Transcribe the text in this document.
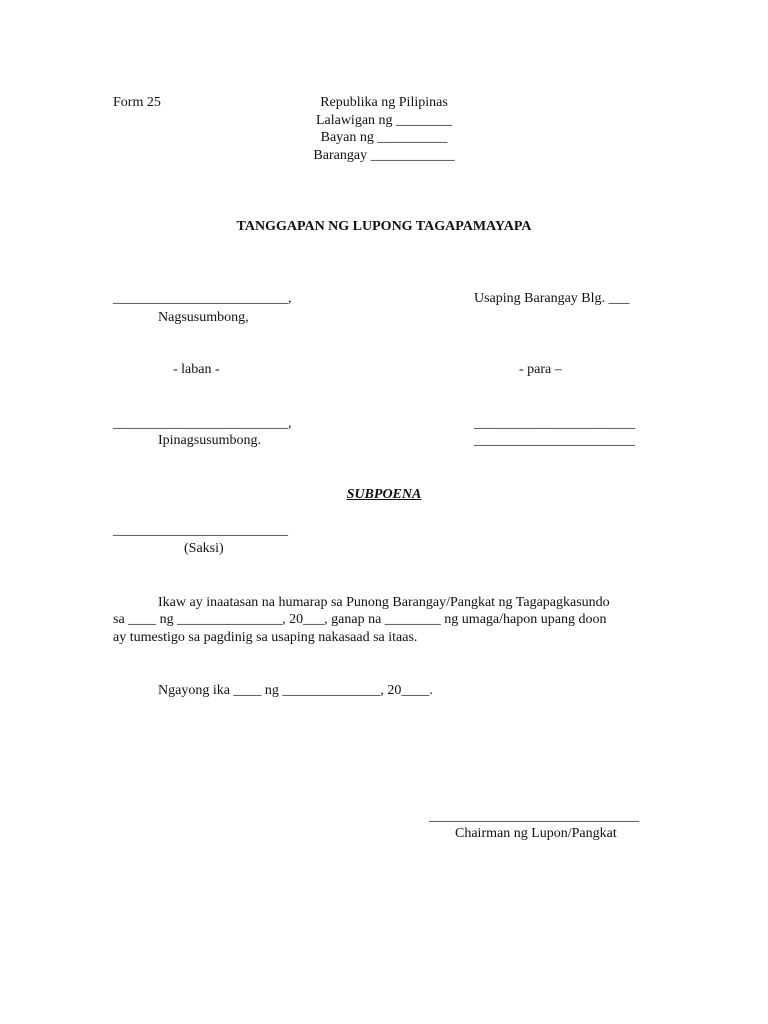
Form 25	Republika ng Pilipinas
Lalawigan ng ________
Bayan ng __________
Barangay ____________
TANGGAPAN NG LUPONG TAGAPAMAYAPA
_________________________,
Nagsusumbong,
Usaping Barangay Blg. ___
- laban -	- para –
_________________________,
Ipinagsusumbong.
_______________________
_______________________
SUBPOENA
_________________________
(Saksi)
Ikaw ay inaatasan na humarap sa Punong Barangay/Pangkat ng Tagapagkasundo
sa ____ ng _______________, 20___, ganap na ________ ng umaga/hapon upang doon
ay tumestigo sa pagdinig sa usaping nakasaad sa itaas.
Ngayong ika ____ ng ______________, 20____.
______________________________
Chairman ng Lupon/Pangkat
